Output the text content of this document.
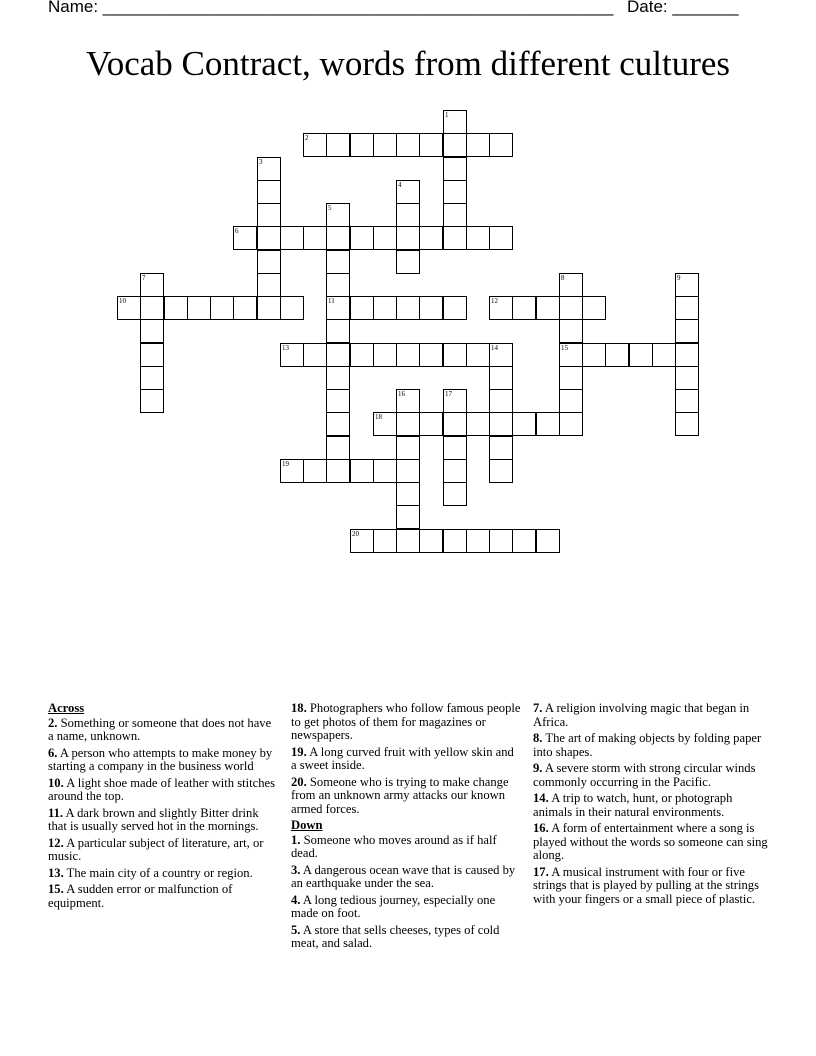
Name: ______________________________________________________ Date: _______
Vocab Contract, words from different cultures
1
2
3
4
5
11
6
7	8
15
9
10	12
13	14
16	17
18
19
20
Across
2. Something or someone that does not have a name, unknown.
6. A person who attempts to make money by starting a company in the business world
10. A light shoe made of leather with stitches around the top.
11. A dark brown and slightly Bitter drink that is usually served hot in the mornings.
12. A particular subject of literature, art, or music.
13. The main city of a country or region.
15. A sudden error or malfunction of equipment.
18. Photographers who follow famous people to get photos of them for magazines or newspapers.
19. A long curved fruit with yellow skin and a sweet inside.
20. Someone who is trying to make change from an unknown army attacks our known armed forces.
Down
1. Someone who moves around as if half dead.
3. A dangerous ocean wave that is caused by an earthquake under the sea.
4. A long tedious journey, especially one made on foot.
5. A store that sells cheeses, types of cold meat, and salad.
7. A religion involving magic that began in Africa.
8. The art of making objects by folding paper into shapes.
9. A severe storm with strong circular winds commonly occurring in the Pacific.
14. A trip to watch, hunt, or photograph animals in their natural environments.
16. A form of entertainment where a song is played without the words so someone can sing along.
17. A musical instrument with four or five strings that is played by pulling at the strings with your fingers or a small piece of plastic.
